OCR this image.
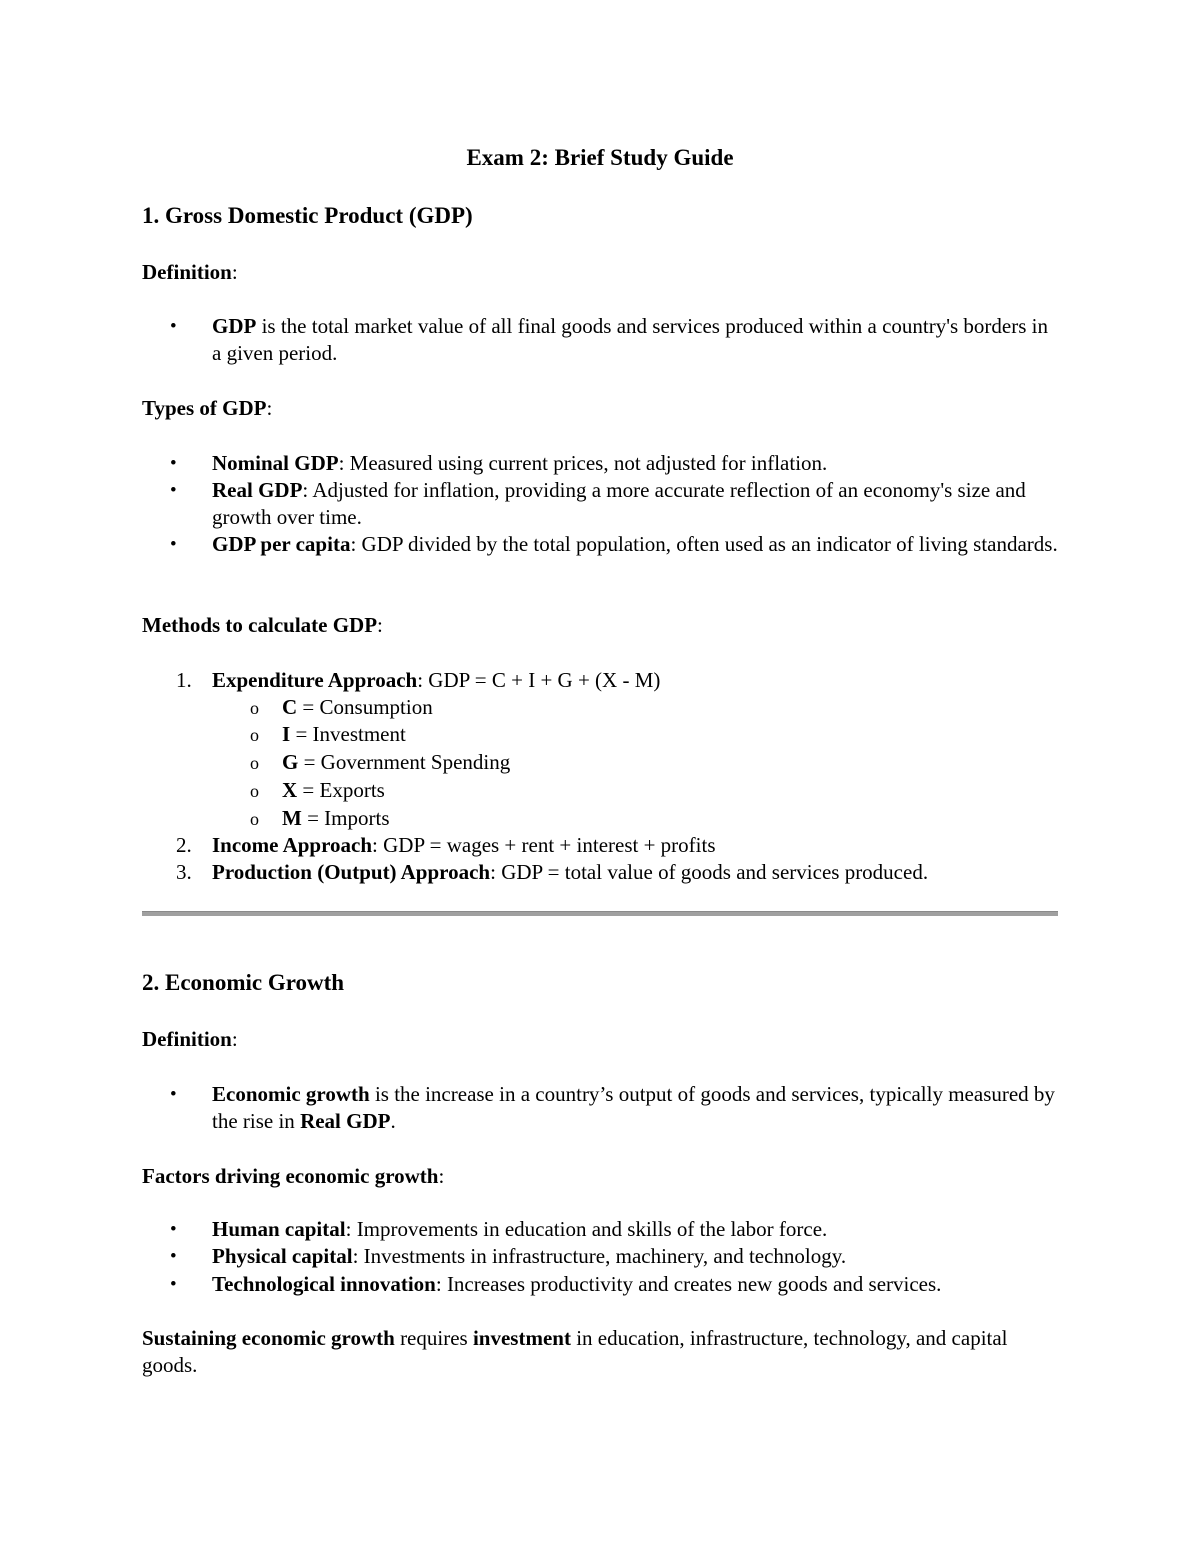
Exam 2: Brief Study Guide
1. Gross Domestic Product (GDP)

Definition:

•	GDP is the total market value of all final goods and services produced within a country's borders in a given period.

Types of GDP:

•	Nominal GDP: Measured using current prices, not adjusted for inflation.
•	Real GDP: Adjusted for inflation, providing a more accurate reflection of an economy's size and growth over time.
•	GDP per capita: GDP divided by the total population, often used as an indicator of living standards.

Methods to calculate GDP:

1. Expenditure Approach: GDP = C + I + G + (X - M)
o C = Consumption
o I = Investment
o G = Government Spending
o X = Exports
o M = Imports
2. Income Approach: GDP = wages + rent + interest + profits
3. Production (Output) Approach: GDP = total value of goods and services produced.
2. Economic Growth

Definition:

•	Economic growth is the increase in a country’s output of goods and services, typically measured by the rise in Real GDP.

Factors driving economic growth:

•	Human capital: Improvements in education and skills of the labor force.
•	Physical capital: Investments in infrastructure, machinery, and technology.
•	Technological innovation: Increases productivity and creates new goods and services.

Sustaining economic growth requires investment in education, infrastructure, technology, and capital goods.
